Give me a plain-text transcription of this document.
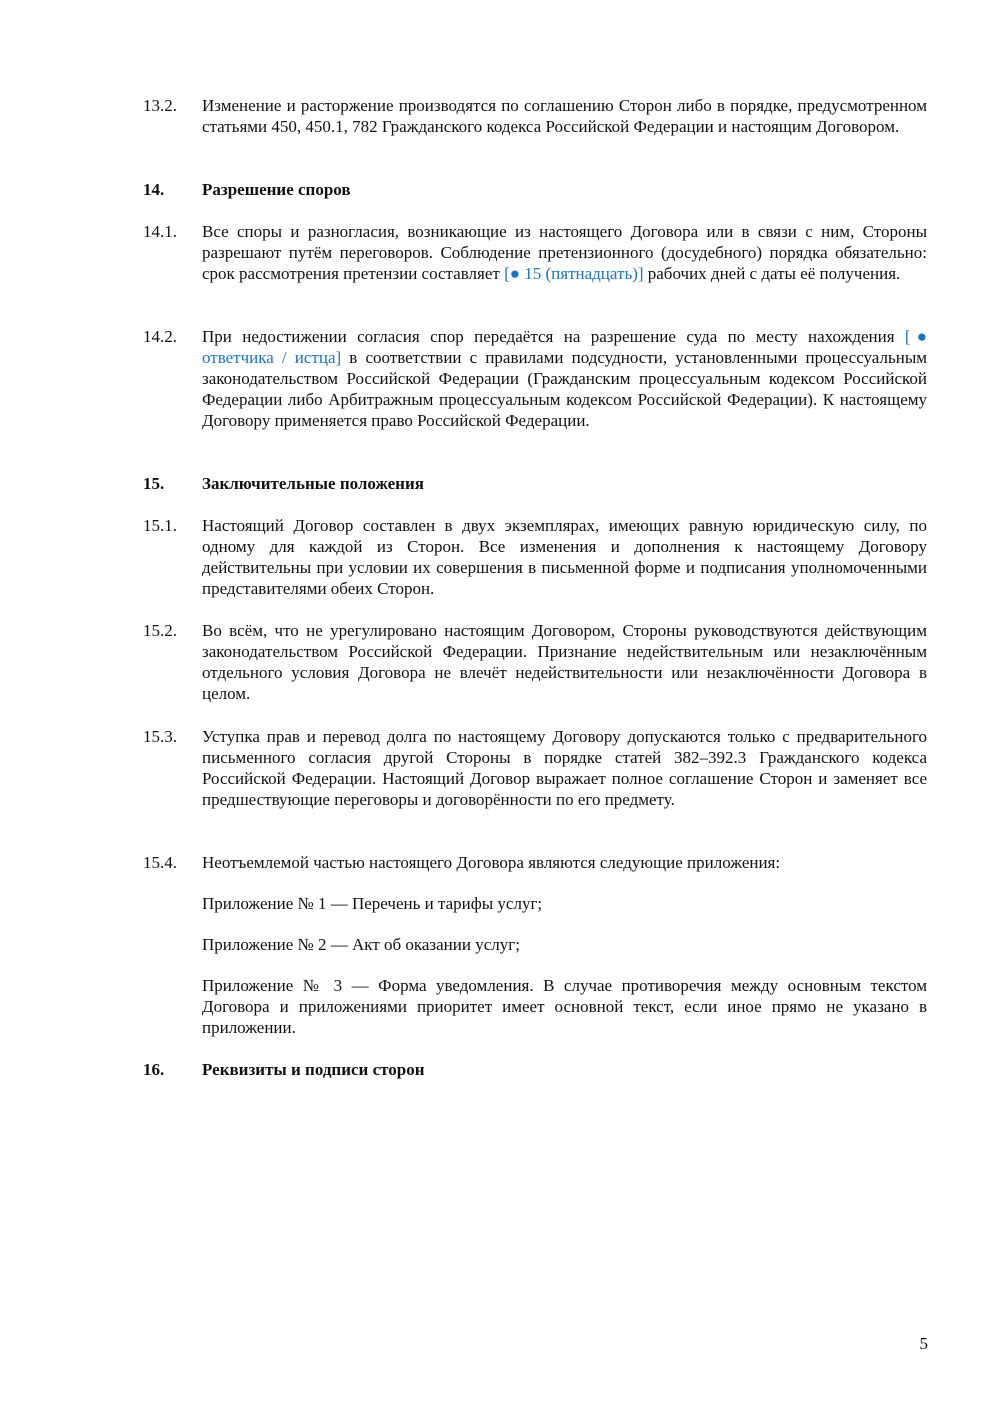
13.2.	Изменение и расторжение производятся по соглашению Сторон либо в порядке, предусмотренном статьями 450, 450.1, 782 Гражданского кодекса Российской Федерации и настоящим Договором.
14.	Разрешение споров
14.1.	Все споры и разногласия, возникающие из настоящего Договора или в связи с ним, Стороны разрешают путём переговоров. Соблюдение претензионного (досудебного) порядка обязательно: срок рассмотрения претензии составляет [● 15 (пятнадцать)] рабочих дней с даты её получения.
14.2.	При недостижении согласия спор передаётся на разрешение суда по месту нахождения [● ответчика / истца] в соответствии с правилами подсудности, установленными процессуальным законодательством Российской Федерации (Гражданским процессуальным кодексом Российской Федерации либо Арбитражным процессуальным кодексом Российской Федерации). К настоящему Договору применяется право Российской Федерации.
15.	Заключительные положения
15.1.	Настоящий Договор составлен в двух экземплярах, имеющих равную юридическую силу, по одному для каждой из Сторон. Все изменения и дополнения к настоящему Договору действительны при условии их совершения в письменной форме и подписания уполномоченными представителями обеих Сторон.
15.2.	Во всём, что не урегулировано настоящим Договором, Стороны руководствуются действующим законодательством Российской Федерации. Признание недействительным или незаключённым отдельного условия Договора не влечёт недействительности или незаключённости Договора в целом.
15.3.	Уступка прав и перевод долга по настоящему Договору допускаются только с предварительного письменного согласия другой Стороны в порядке статей 382–392.3 Гражданского кодекса Российской Федерации. Настоящий Договор выражает полное соглашение Сторон и заменяет все предшествующие переговоры и договорённости по его предмету.
15.4.	Неотъемлемой частью настоящего Договора являются следующие приложения:
Приложение № 1 — Перечень и тарифы услуг;
Приложение № 2 — Акт об оказании услуг;
Приложение № 3 — Форма уведомления. В случае противоречия между основным текстом Договора и приложениями приоритет имеет основной текст, если иное прямо не указано в приложении.
16.	Реквизиты и подписи сторон
5
